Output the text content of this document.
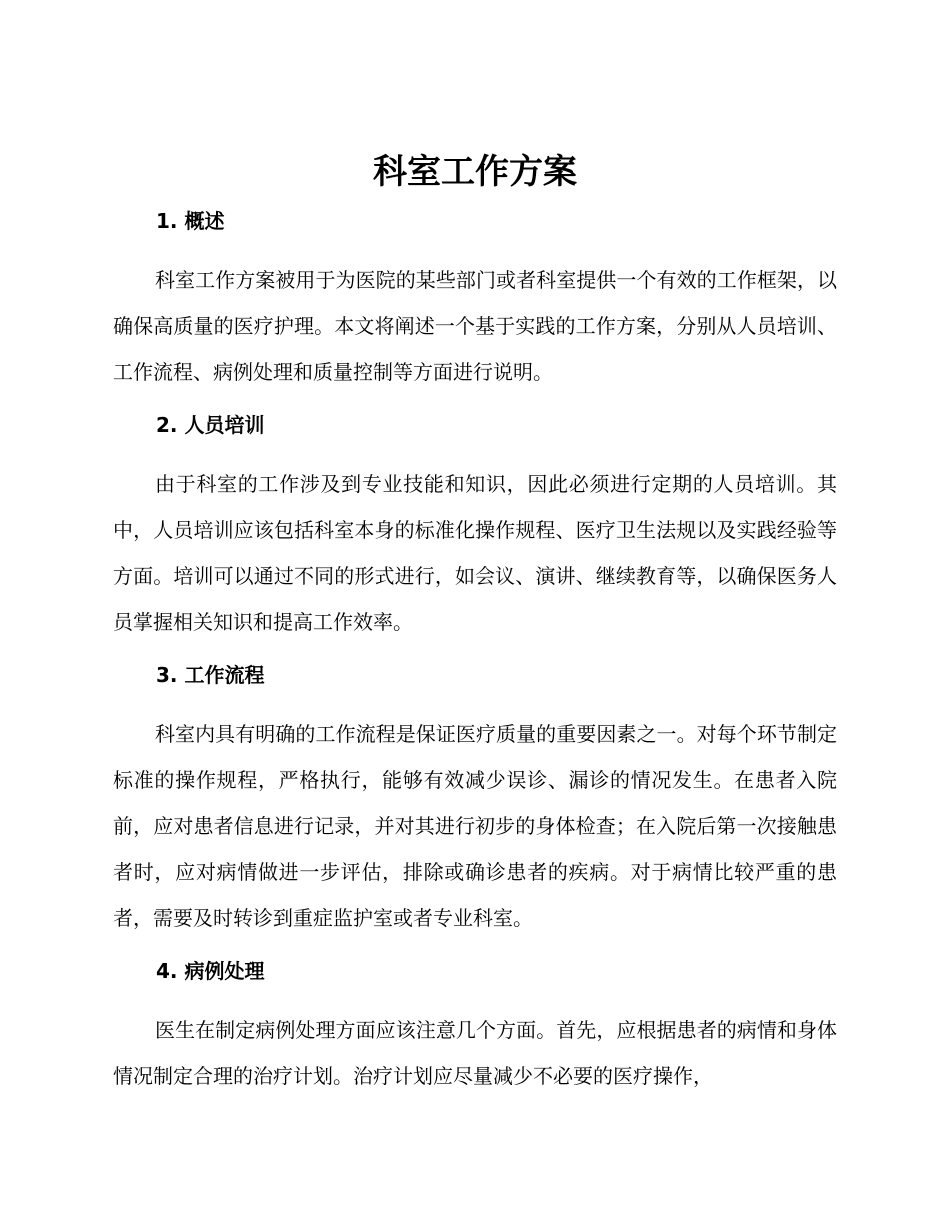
科室工作方案
1. 概述

科室工作方案被用于为医院的某些部门或者科室提供一个有效的工作框架，以确保高质量的医疗护理。本文将阐述一个基于实践的工作方案，分别从人员培训、工作流程、病例处理和质量控制等方面进行说明。

2. 人员培训

由于科室的工作涉及到专业技能和知识，因此必须进行定期的人员培训。其中，人员培训应该包括科室本身的标准化操作规程、医疗卫生法规以及实践经验等方面。培训可以通过不同的形式进行，如会议、演讲、继续教育等，以确保医务人员掌握相关知识和提高工作效率。

3. 工作流程

科室内具有明确的工作流程是保证医疗质量的重要因素之一。对每个环节制定标准的操作规程，严格执行，能够有效减少误诊、漏诊的情况发生。在患者入院前，应对患者信息进行记录，并对其进行初步的身体检查；在入院后第一次接触患者时，应对病情做进一步评估，排除或确诊患者的疾病。对于病情比较严重的患者，需要及时转诊到重症监护室或者专业科室。

4. 病例处理

医生在制定病例处理方面应该注意几个方面。首先，应根据患者的病情和身体情况制定合理的治疗计划。治疗计划应尽量减少不必要的医疗操作，
